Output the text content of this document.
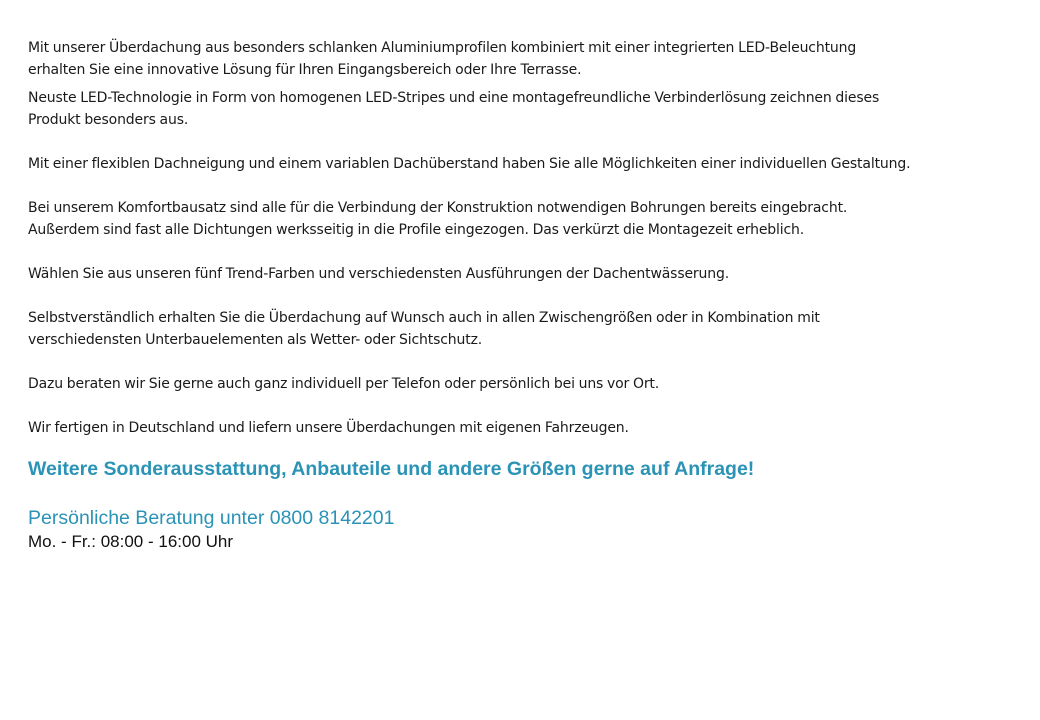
Mit unserer Überdachung aus besonders schlanken Aluminiumprofilen kombiniert mit einer integrierten LED-Beleuchtung
erhalten Sie eine innovative Lösung für Ihren Eingangsbereich oder Ihre Terrasse.
Neuste LED-Technologie in Form von homogenen LED-Stripes und eine montagefreundliche Verbinderlösung zeichnen dieses
Produkt besonders aus.
Mit einer flexiblen Dachneigung und einem variablen Dachüberstand haben Sie alle Möglichkeiten einer individuellen Gestaltung.
Bei unserem Komfortbausatz sind alle für die Verbindung der Konstruktion notwendigen Bohrungen bereits eingebracht.
Außerdem sind fast alle Dichtungen werksseitig in die Profile eingezogen. Das verkürzt die Montagezeit erheblich.
Wählen Sie aus unseren fünf Trend-Farben und verschiedensten Ausführungen der Dachentwässerung.
Selbstverständlich erhalten Sie die Überdachung auf Wunsch auch in allen Zwischengrößen oder in Kombination mit
verschiedensten Unterbauelementen als Wetter- oder Sichtschutz.
Dazu beraten wir Sie gerne auch ganz individuell per Telefon oder persönlich bei uns vor Ort.
Wir fertigen in Deutschland und liefern unsere Überdachungen mit eigenen Fahrzeugen.
Weitere Sonderausstattung, Anbauteile und andere Größen gerne auf Anfrage!
Persönliche Beratung unter 0800 8142201
Mo. - Fr.: 08:00 - 16:00 Uhr
